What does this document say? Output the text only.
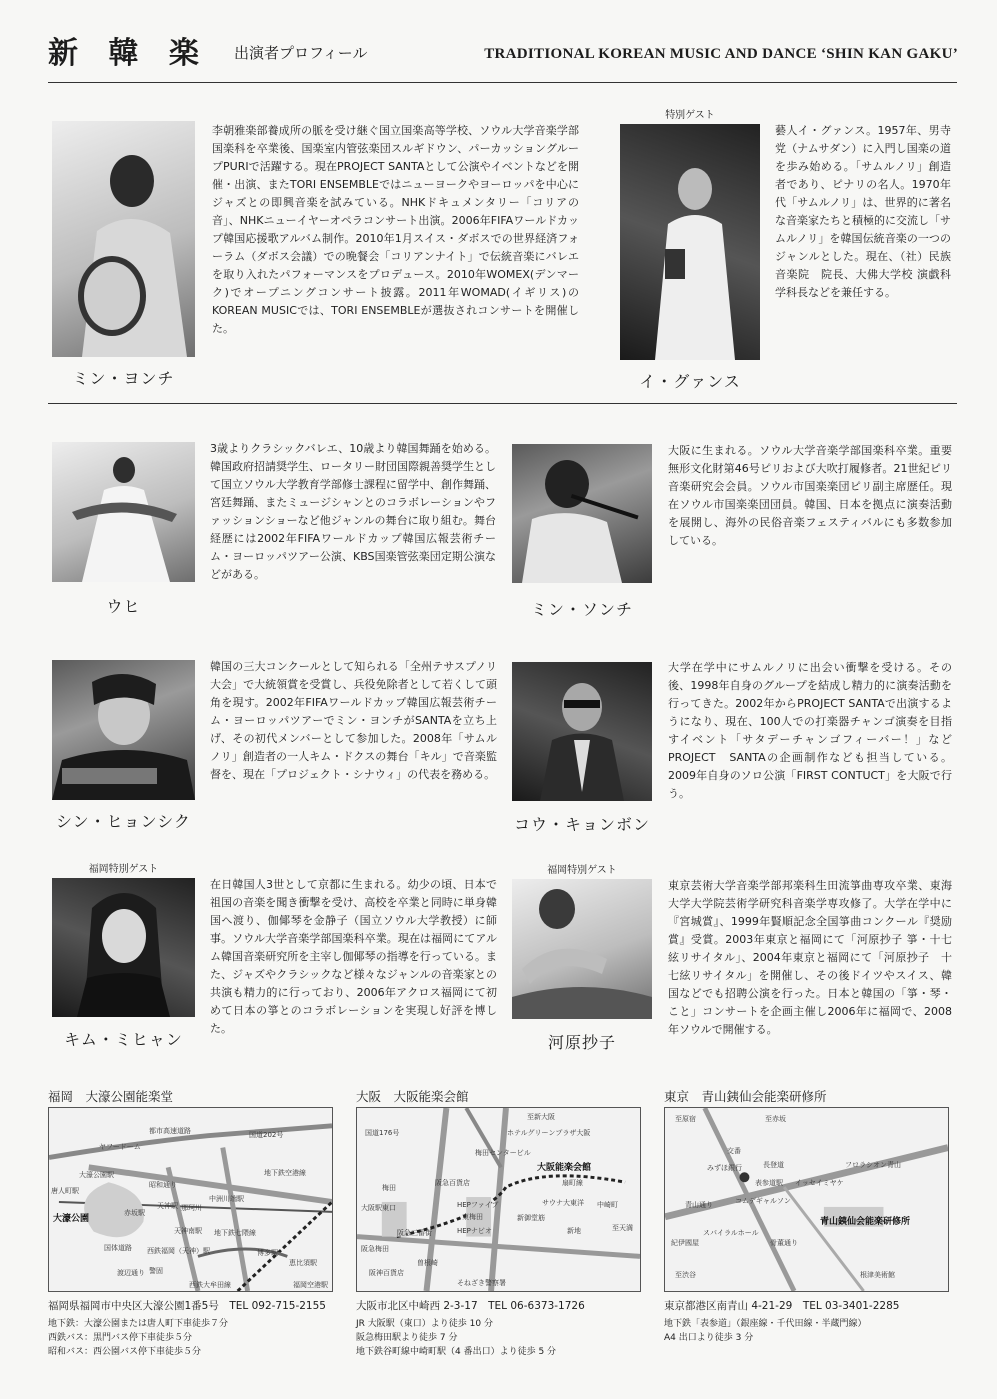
新 韓 楽 出演者プロフィール	TRADITIONAL KOREAN MUSIC AND DANCE ‘SHIN KAN GAKU’
ミン・ヨンチ
李朝雅楽部養成所の脈を受け継ぐ国立国楽高等学校、ソウル大学音楽学部国楽科を卒業後、国楽室内管弦楽団スルギドウン、パーカッショングループPURIで活躍する。現在PROJECT SANTAとして公演やイベントなどを開催・出演、またTORI ENSEMBLEではニューヨークやヨーロッパを中心にジャズとの即興音楽を試みている。NHKドキュメンタリー「コリアの音」、NHKニューイヤーオペラコンサート出演。2006年FIFAワールドカップ韓国応援歌アルバム制作。2010年1月スイス・ダボスでの世界経済フォーラム（ダボス会議）での晩餐会「コリアンナイト」で伝統音楽にバレエを取り入れたパフォーマンスをプロデュース。2010年WOMEX(デンマーク)でオープニングコンサート披露。2011年WOMAD(イギリス)のKOREAN MUSICでは、TORI ENSEMBLEが選抜されコンサートを開催した。
特別ゲスト
イ・グァンス
藝人イ・グァンス。1957年、男寺党（ナムサダン）に入門し国楽の道を歩み始める。「サムルノリ」創造者であり、ピナリの名人。1970年代「サムルノリ」は、世界的に著名な音楽家たちと積極的に交流し「サムルノリ」を韓国伝統音楽の一つのジャンルとした。現在、（社）民族音楽院　院長、大佛大学校 演戯科 学科長などを兼任する。
ウヒ
3歳よりクラシックバレエ、10歳より韓国舞踊を始める。韓国政府招請奨学生、ロータリー財団国際親善奨学生として国立ソウル大学教育学部修士課程に留学中、創作舞踊、宮廷舞踊、またミュージシャンとのコラボレーションやファッションショーなど他ジャンルの舞台に取り組む。舞台経歴には2002年FIFAワールドカップ韓国広報芸術チーム・ヨーロッパツアー公演、KBS国楽管弦楽団定期公演などがある。
ミン・ソンチ
大阪に生まれる。ソウル大学音楽学部国楽科卒業。重要無形文化財第46号ピリおよび大吹打履修者。21世紀ピリ音楽研究会会員。ソウル市国楽楽団ピリ副主席歴任。現在ソウル市国楽楽団団員。韓国、日本を拠点に演奏活動を展開し、海外の民俗音楽フェスティバルにも多数参加している。
シン・ヒョンシク
韓国の三大コンクールとして知られる「全州テサスプノリ大会」で大統領賞を受賞し、兵役免除者として若くして頭角を現す。2002年FIFAワールドカップ韓国広報芸術チーム・ヨーロッパツアーでミン・ヨンチがSANTAを立ち上げ、その初代メンバーとして参加した。2008年「サムルノリ」創造者の一人キム・ドクスの舞台「キル」で音楽監督を、現在「プロジェクト・シナウィ」の代表を務める。
コウ・キョンボン
大学在学中にサムルノリに出会い衝撃を受ける。その後、1998年自身のグループを結成し精力的に演奏活動を行ってきた。2002年からPROJECT SANTAで出演するようになり、現在、100人での打楽器チャンゴ演奏を目指すイベント「サタデーチャンゴフィーバー！」などPROJECT　SANTAの企画制作なども担当している。2009年自身のソロ公演「FIRST CONTUCT」を大阪で行う。
福岡特別ゲスト
キム・ミヒャン
在日韓国人3世として京都に生まれる。幼少の頃、日本で祖国の音楽を聞き衝撃を受け、高校を卒業と同時に単身韓国へ渡り、伽倻琴を金静子（国立ソウル大学教授）に師事。ソウル大学音楽学部国楽科卒業。現在は福岡にてアルム韓国音楽研究所を主宰し伽倻琴の指導を行っている。また、ジャズやクラシックなど様々なジャンルの音楽家との共演も精力的に行っており、2006年アクロス福岡にて初めて日本の箏とのコラボレーションを実現し好評を博した。
福岡特別ゲスト
河原抄子
東京芸術大学音楽学部邦楽科生田流箏曲専攻卒業、東海大学大学院芸術学研究科音楽学専攻修了。大学在学中に『宮城賞』、1999年賢順記念全国箏曲コンクール『奨励賞』受賞。2003年東京と福岡にて「河原抄子 箏・十七絃リサイタル」、2004年東京と福岡にて「河原抄子　十七絃リサイタル」を開催し、その後ドイツやスイス、韓国などでも招聘公演を行った。日本と韓国の「箏・琴・こと」コンサートを企画主催し2006年に福岡で、2008年ソウルで開催する。
福岡　大濠公園能楽堂
ヤフードーム
都市高速道路	国道202号
大濠公園駅
唐人町駅
昭和通り
赤坂駅
天神駅
大濠公園
中洲川端駅
地下鉄空港線
国体道路
天神南駅
西鉄福岡（天神）駅
警固
渡辺通り
那珂川
博多駅
恵比須駅
福岡空港駅
西鉄大牟田線
地下鉄七隈線
福岡県福岡市中央区大濠公園1番5号　TEL 092-715-2155
地下鉄：大濠公園または唐人町下車徒歩７分
西鉄バス：黒門バス停下車徒歩５分
昭和バス：西公園バス停下車徒歩５分
大阪　大阪能楽会館
至新大阪
国道176号	ホテルグリーンプラザ大阪
梅田センタービル
大阪能楽会館
扇町線
サウナ大東洋 中崎町
新御堂筋
大阪駅東口
阪急梅田
阪神百貨店
阪急三番街
HEPファイブ
HEPナビオ
東梅田
阪急百貨店
そねざき警察署
新地	至天満
曽根崎
梅田
大阪市北区中崎西 2-3-17　TEL 06-6373-1726
JR 大阪駅（東口）より徒歩 10 分
阪急梅田駅より徒歩 7 分
地下鉄谷町線中崎町駅（4 番出口）より徒歩 5 分
東京　青山銕仙会能楽研修所
至原宿	至赤坂
交番
みずほ銀行
表参道駅
長登道	フロラシオン青山
イッセイミヤケ
コムデギャルソン
スパイラルホール
青山通り
青山銕仙会能楽研修所
骨董通り
紀伊國屋
至渋谷	根津美術館
東京都港区南青山 4-21-29　TEL 03-3401-2285
地下鉄「表参道」（銀座線・千代田線・半蔵門線）
A4 出口より徒歩 3 分
